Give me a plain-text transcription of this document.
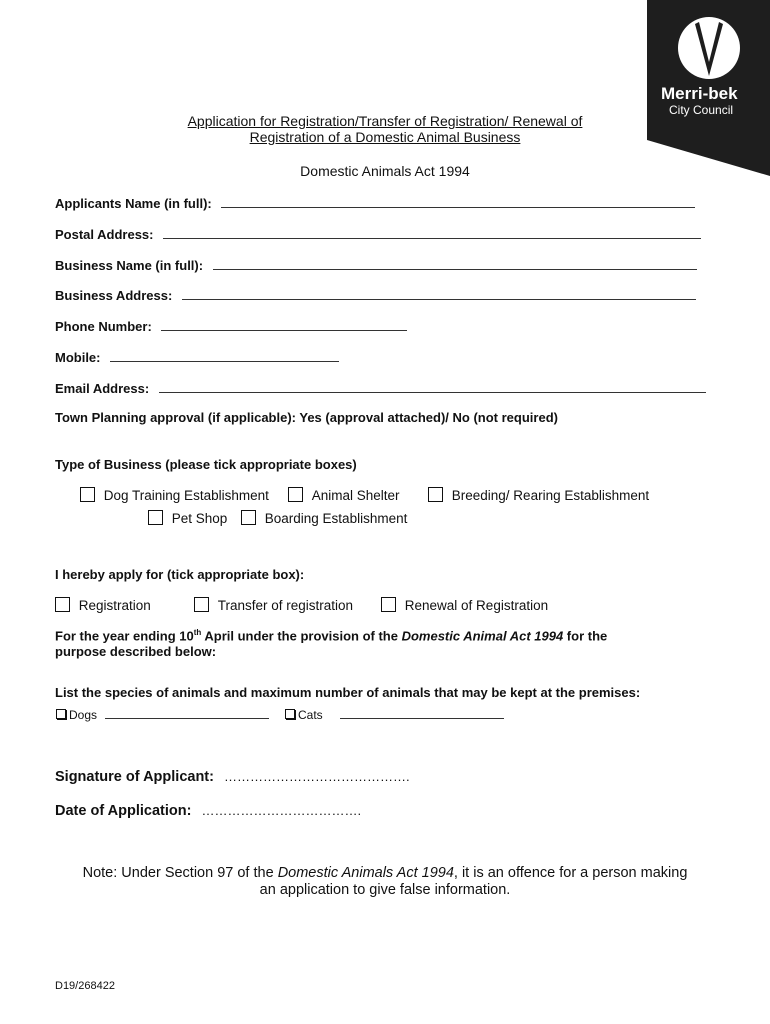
Merri-bek
City Council
Application for Registration/Transfer of Registration/ Renewal of
Registration of a Domestic Animal Business
Domestic Animals Act 1994
Applicants Name (in full):
Postal Address:
Business Name (in full):
Business Address:
Phone Number:
Mobile:
Email Address:
Town Planning approval (if applicable): Yes (approval attached)/ No (not required)
Type of Business (please tick appropriate boxes)
Dog Training Establishment	Animal Shelter	Breeding/ Rearing Establishment
Pet Shop	Boarding Establishment
I hereby apply for (tick appropriate box):
Registration	Transfer of registration	Renewal of Registration
For the year ending 10th April under the provision of the Domestic Animal Act 1994 for the
purpose described below:
List the species of animals and maximum number of animals that may be kept at the premises:
Dogs	Cats
Signature of Applicant: …………………………………….
Date of Application: ……………………………….
Note: Under Section 97 of the Domestic Animals Act 1994, it is an offence for a person making
an application to give false information.
D19/268422
